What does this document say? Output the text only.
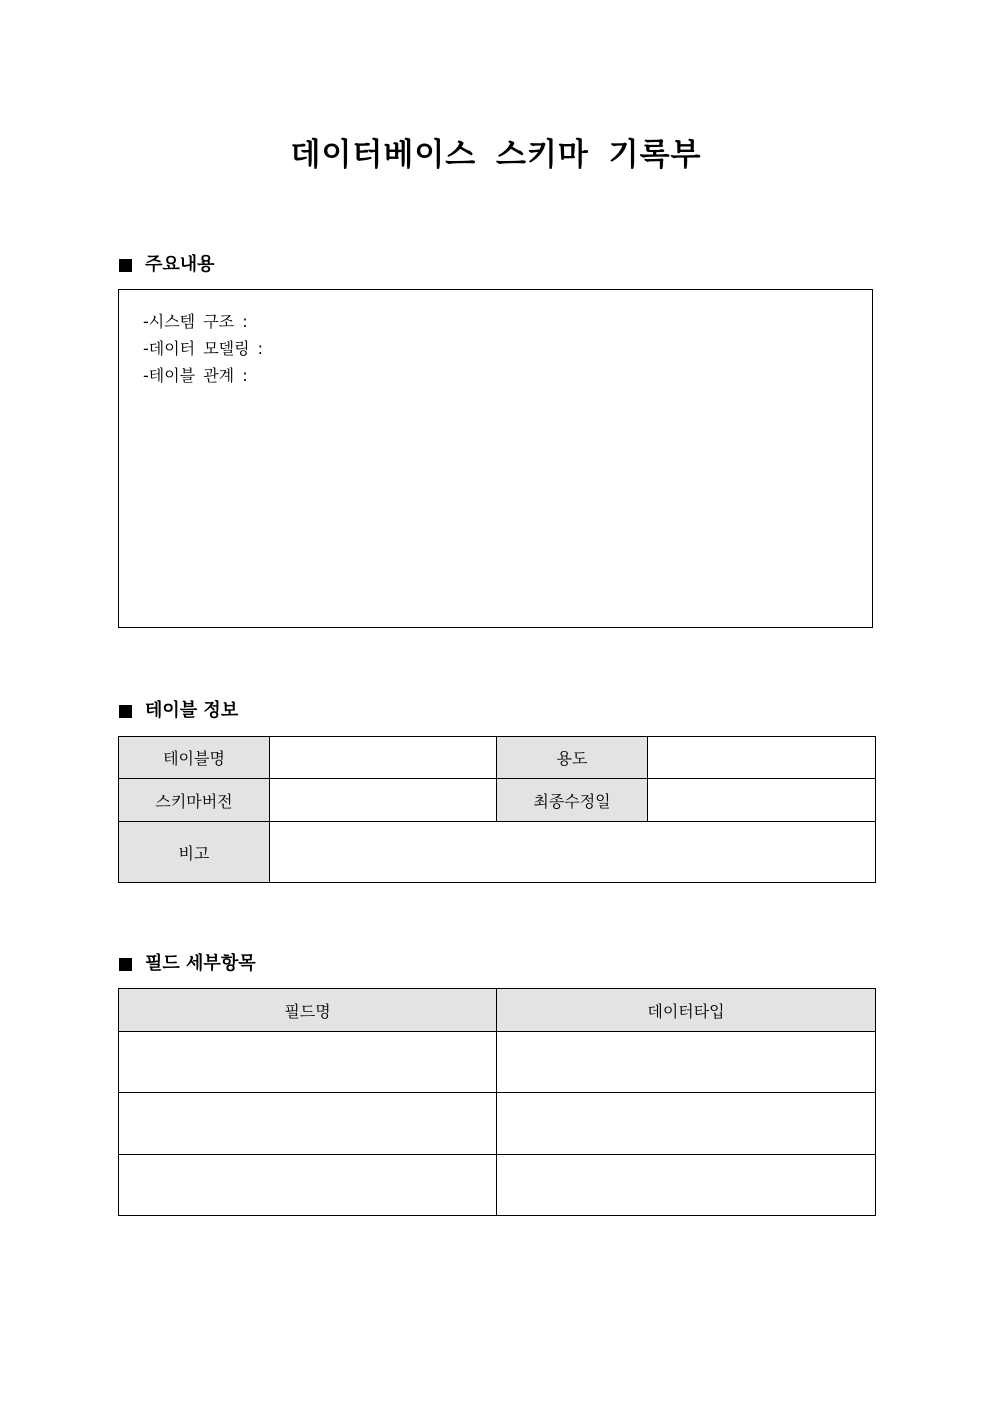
데이터베이스 스키마 기록부
주요내용
-시스템 구조 :
-데이터 모델링 :
-테이블 관계 :
테이블 정보
테이블명		용도	
스키마버전		최종수정일	
비고			
필드 세부항목
필드명	데이터타입
